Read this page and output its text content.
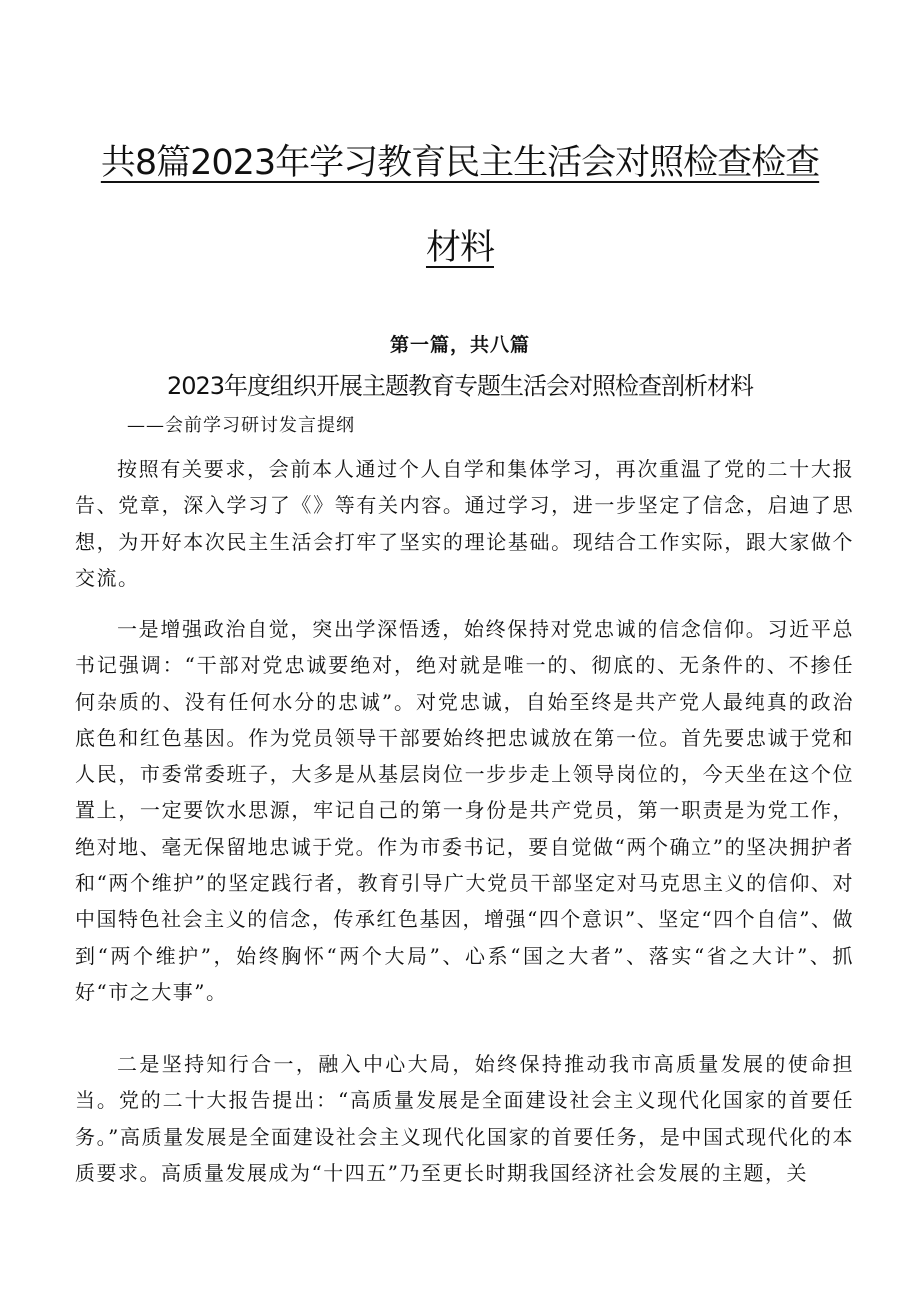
共8篇2023年学习教育民主生活会对照检查检查
材料
第一篇，共八篇
2023年度组织开展主题教育专题生活会对照检查剖析材料
——会前学习研讨发言提纲

按照有关要求，会前本人通过个人自学和集体学习，再次重温了党的二十大报告、党章，深入学习了《》等有关内容。通过学习，进一步坚定了信念，启迪了思想，为开好本次民主生活会打牢了坚实的理论基础。现结合工作实际，跟大家做个交流。

一是增强政治自觉，突出学深悟透，始终保持对党忠诚的信念信仰。习近平总书记强调：“干部对党忠诚要绝对，绝对就是唯一的、彻底的、无条件的、不掺任何杂质的、没有任何水分的忠诚”。对党忠诚，自始至终是共产党人最纯真的政治底色和红色基因。作为党员领导干部要始终把忠诚放在第一位。首先要忠诚于党和人民，市委常委班子，大多是从基层岗位一步步走上领导岗位的，今天坐在这个位置上，一定要饮水思源，牢记自己的第一身份是共产党员，第一职责是为党工作，绝对地、毫无保留地忠诚于党。作为市委书记，要自觉做“两个确立”的坚决拥护者和“两个维护”的坚定践行者，教育引导广大党员干部坚定对马克思主义的信仰、对中国特色社会主义的信念，传承红色基因，增强“四个意识”、坚定“四个自信”、做到“两个维护”，始终胸怀“两个大局”、心系“国之大者”、落实“省之大计”、抓好“市之大事”。

二是坚持知行合一，融入中心大局，始终保持推动我市高质量发展的使命担当。党的二十大报告提出：“高质量发展是全面建设社会主义现代化国家的首要任务。”高质量发展是全面建设社会主义现代化国家的首要任务，是中国式现代化的本质要求。高质量发展成为“十四五”乃至更长时期我国经济社会发展的主题，关
